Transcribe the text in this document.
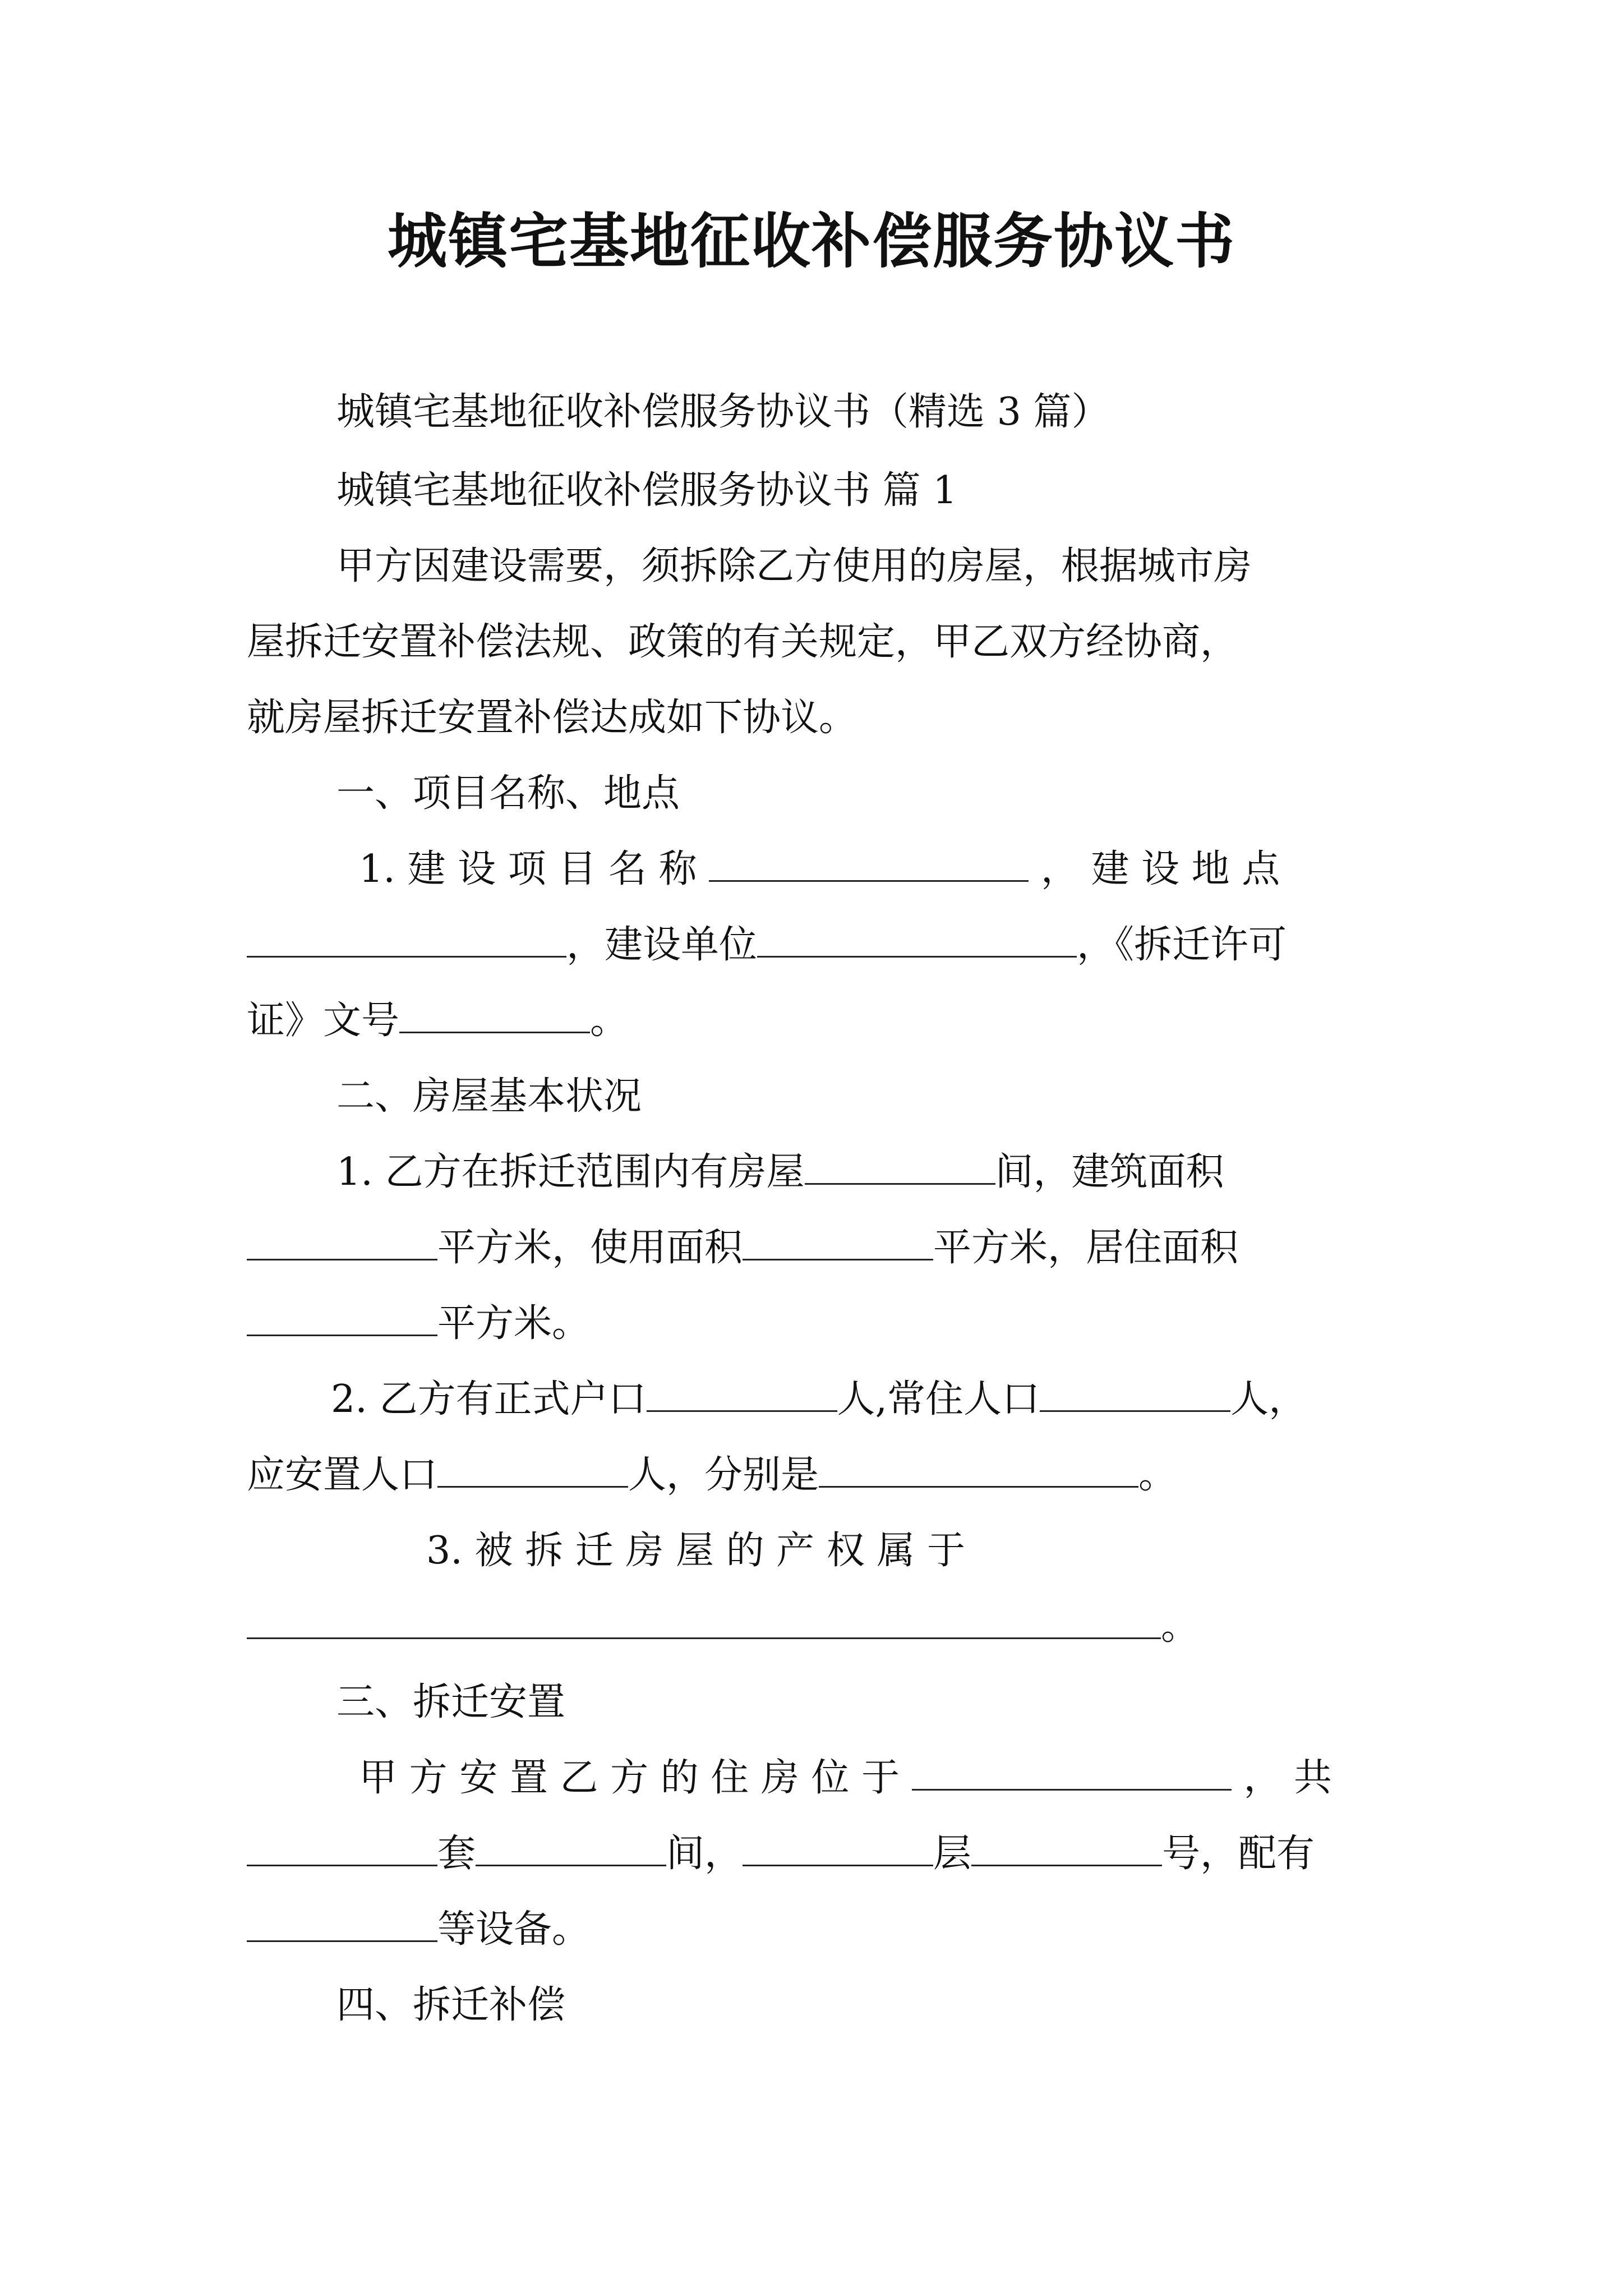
城镇宅基地征收补偿服务协议书
城镇宅基地征收补偿服务协议书（精选 3 篇）
城镇宅基地征收补偿服务协议书 篇 1
甲方因建设需要，须拆除乙方使用的房屋，根据城市房
屋拆迁安置补偿法规、政策的有关规定，甲乙双方经协商，
就房屋拆迁安置补偿达成如下协议。
一、项目名称、地点
1. 建 设 项 目 名 称	， 建 设 地 点
，建设单位	，《拆迁许可
证》文号	。
二、房屋基本状况
1. 乙方在拆迁范围内有房屋	间，建筑面积
平方米，使用面积	平方米，居住面积
平方米。
2. 乙方有正式户口	人,常住人口	人，
应安置人口	人，分别是	。
3. 被 拆 迁 房 屋 的 产 权 属 于
。
三、拆迁安置
甲 方 安 置 乙 方 的 住 房 位 于	， 共
套	间，	层	号，配有
等设备。
四、拆迁补偿
